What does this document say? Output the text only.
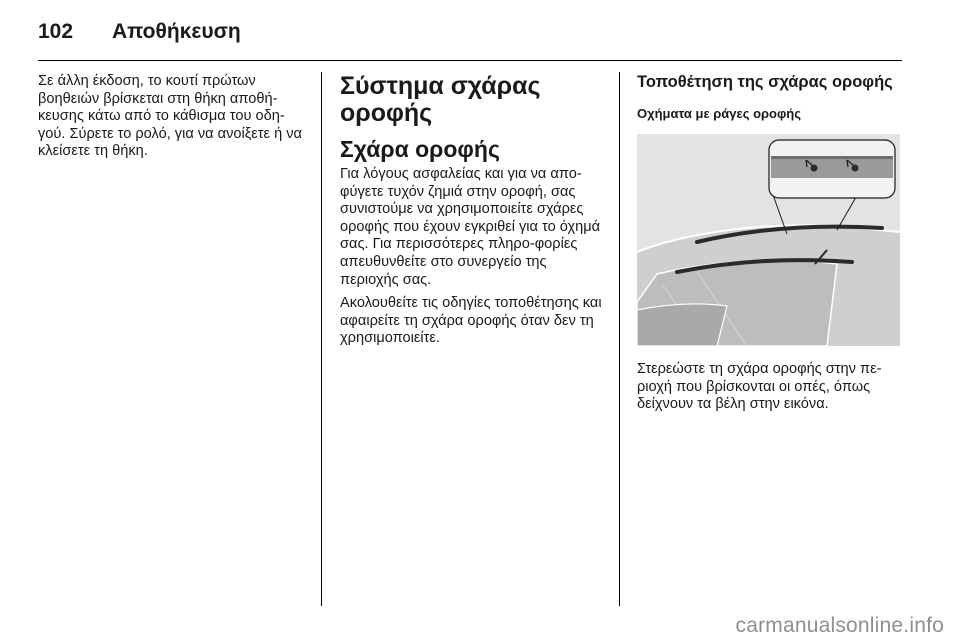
102	Αποθήκευση

Σε άλλη έκδοση, το κουτί πρώτων βοηθειών βρίσκεται στη θήκη αποθή-κευσης κάτω από το κάθισμα του οδη-γού. Σύρετε το ρολό, για να ανοίξετε ή να κλείσετε τη θήκη.

Σύστημα σχάρας οροφής
Σχάρα οροφής

Για λόγους ασφαλείας και για να απο-φύγετε τυχόν ζημιά στην οροφή, σας συνιστούμε να χρησιμοποιείτε σχάρες οροφής που έχουν εγκριθεί για το όχημά σας. Για περισσότερες πληρο-φορίες απευθυνθείτε στο συνεργείο της περιοχής σας.

Ακολουθείτε τις οδηγίες τοποθέτησης και αφαιρείτε τη σχάρα οροφής όταν δεν τη χρησιμοποιείτε.

Τοποθέτηση της σχάρας οροφής
Οχήματα με ράγες οροφής

Στερεώστε τη σχάρα οροφής στην πε-ριοχή που βρίσκονται οι οπές, όπως δείχνουν τα βέλη στην εικόνα.

carmanualsonline.info
